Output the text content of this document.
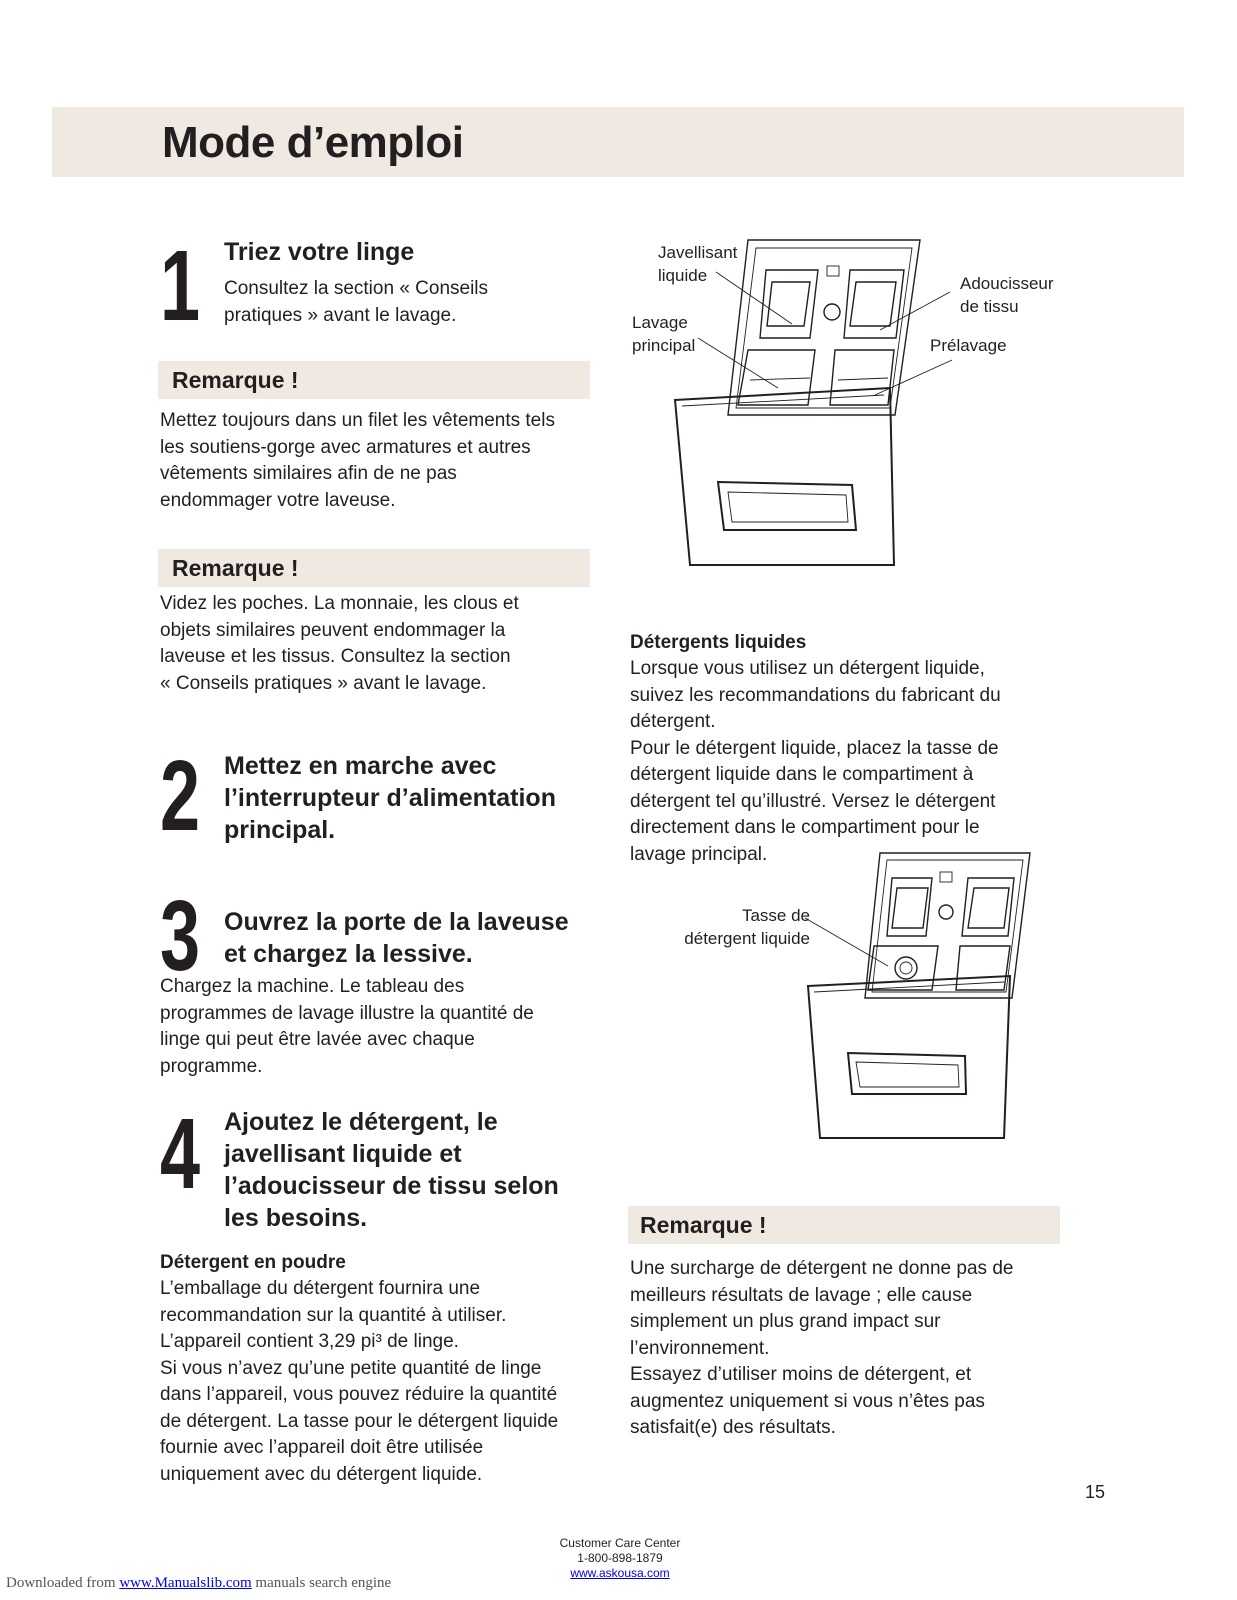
Mode d’emploi
1 Triez votre linge

Consultez la section « Conseils

pratiques » avant le lavage.

Remarque !

Mettez toujours dans un filet les vêtements tels

les soutiens-gorge avec armatures et autres

vêtements similaires afin de ne pas

endommager votre laveuse.

Remarque !

Videz les poches. La monnaie, les clous et

objets similaires peuvent endommager la

laveuse et les tissus. Consultez la section

« Conseils pratiques » avant le lavage.

2 Mettez en marche avec

l’interrupteur d’alimentation

principal.

3 Ouvrez la porte de la laveuse

et chargez la lessive.

Chargez la machine. Le tableau des

programmes de lavage illustre la quantité de

linge qui peut être lavée avec chaque

programme.

4 Ajoutez le détergent, le

javellisant liquide et

l’adoucisseur de tissu selon

les besoins.

Détergent en poudre

L’emballage du détergent fournira une

recommandation sur la quantité à utiliser.

L’appareil contient 3,29 pi³ de linge.

Si vous n’avez qu’une petite quantité de linge

dans l’appareil, vous pouvez réduire la quantité

de détergent. La tasse pour le détergent liquide

fournie avec l’appareil doit être utilisée

uniquement avec du détergent liquide.

Javellisant
liquide	Adoucisseur
de tissu
Lavage
principal	Prélavage

Détergents liquides

Lorsque vous utilisez un détergent liquide,

suivez les recommandations du fabricant du

détergent.

Pour le détergent liquide, placez la tasse de

détergent liquide dans le compartiment à

détergent tel qu’illustré. Versez le détergent

directement dans le compartiment pour le

lavage principal.

Tasse de
détergent liquide
Remarque !

Une surcharge de détergent ne donne pas de

meilleurs résultats de lavage ; elle cause

simplement un plus grand impact sur

l’environnement.

Essayez d’utiliser moins de détergent, et

augmentez uniquement si vous n’êtes pas

satisfait(e) des résultats.

15
Customer Care Center
1-800-898-1879
www.askousa.com
Downloaded from www.Manualslib.com manuals search engine
